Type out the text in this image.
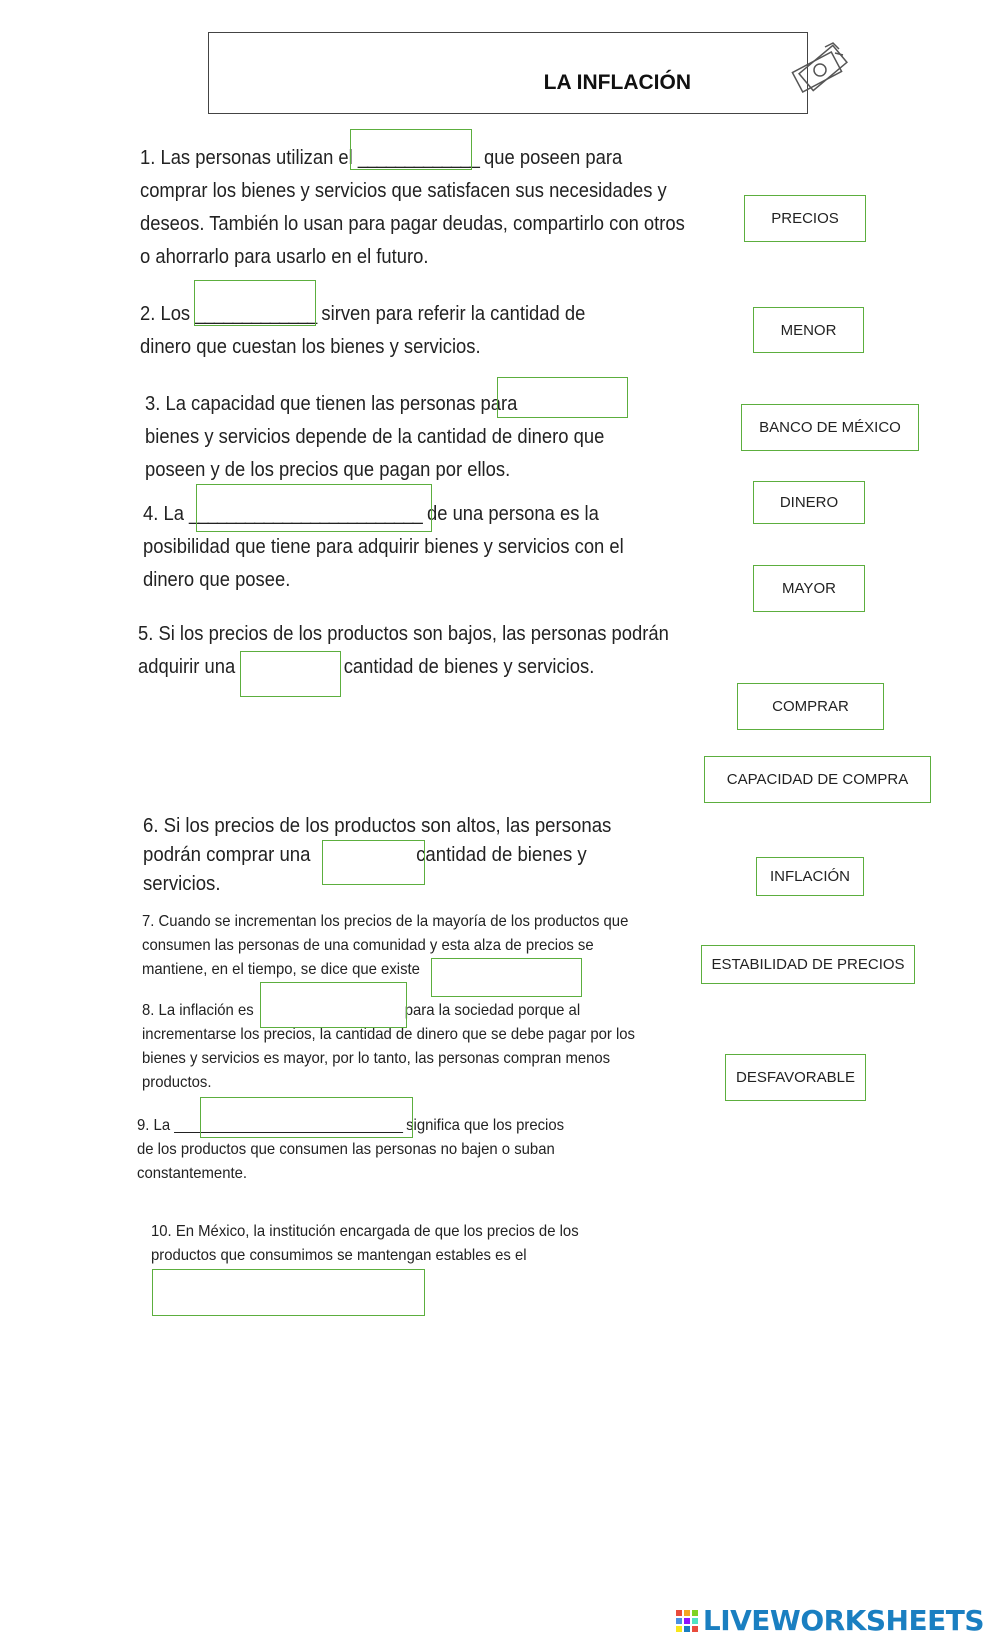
LA INFLACIÓN
1. Las personas utilizan el _____________ que poseen para
comprar los bienes y servicios que satisfacen sus necesidades y
deseos. También lo usan para pagar deudas, compartirlo con otros
o ahorrarlo para usarlo en el futuro.
2. Los _____________ sirven para referir la cantidad de
dinero que cuestan los bienes y servicios.
3. La capacidad que tienen las personas para
bienes y servicios depende de la cantidad de dinero que
poseen y de los precios que pagan por ellos.
4. La _________________________ de una persona es la
posibilidad que tiene para adquirir bienes y servicios con el
dinero que posee.
5. Si los precios de los productos son bajos, las personas podrán
adquirir una	cantidad de bienes y servicios.
6. Si los precios de los productos son altos, las personas
podrán comprar una	cantidad de bienes y
servicios.
7. Cuando se incrementan los precios de la mayoría de los productos que
consumen las personas de una comunidad y esta alza de precios se
mantiene, en el tiempo, se dice que existe
8. La inflación es	para la sociedad porque al
incrementarse los precios, la cantidad de dinero que se debe pagar por los
bienes y servicios es mayor, por lo tanto, las personas compran menos
productos.
9. La _______________________________ significa que los precios
de los productos que consumen las personas no bajen o suban
constantemente.
10. En México, la institución encargada de que los precios de los
productos que consumimos se mantengan estables es el
PRECIOS
MENOR
BANCO DE MÉXICO
DINERO
MAYOR
COMPRAR
CAPACIDAD DE COMPRA
INFLACIÓN
ESTABILIDAD DE PRECIOS
DESFAVORABLE
LIVEWORKSHEETS
